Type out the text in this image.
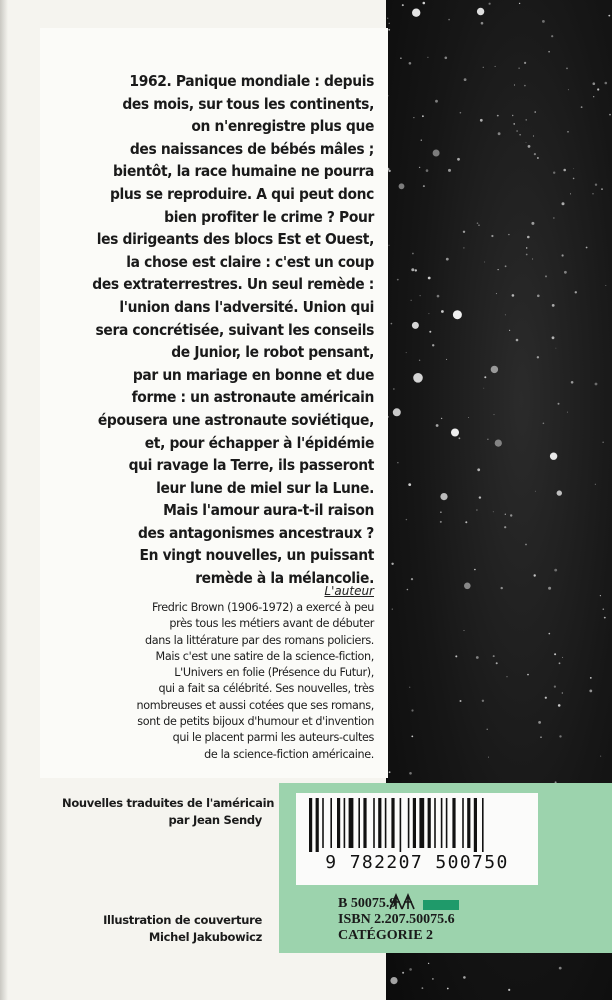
1962. Panique mondiale : depuis
des mois, sur tous les continents,
on n'enregistre plus que
des naissances de bébés mâles ;
bientôt, la race humaine ne pourra
plus se reproduire. A qui peut donc
bien profiter le crime ? Pour
les dirigeants des blocs Est et Ouest,
la chose est claire : c'est un coup
des extraterrestres. Un seul remède :
l'union dans l'adversité. Union qui
sera concrétisée, suivant les conseils
de Junior, le robot pensant,
par un mariage en bonne et due
forme : un astronaute américain
épousera une astronaute soviétique,
et, pour échapper à l'épidémie
qui ravage la Terre, ils passeront
leur lune de miel sur la Lune.
Mais l'amour aura-t-il raison
des antagonismes ancestraux ?
En vingt nouvelles, un puissant
remède à la mélancolie.
L'auteur
Fredric Brown (1906-1972) a exercé à peu
près tous les métiers avant de débuter
dans la littérature par des romans policiers.
Mais c'est une satire de la science-fiction,
L'Univers en folie (Présence du Futur),
qui a fait sa célébrité. Ses nouvelles, très
nombreuses et aussi cotées que ses romans,
sont de petits bijoux d'humour et d'invention
qui le placent parmi les auteurs-cultes
de la science-fiction américaine.
Nouvelles traduites de l'américain
par Jean Sendy
Illustration de couverture
Michel Jakubowicz
9 782207 500750
B 50075.9
ISBN 2.207.50075.6
CATÉGORIE 2
